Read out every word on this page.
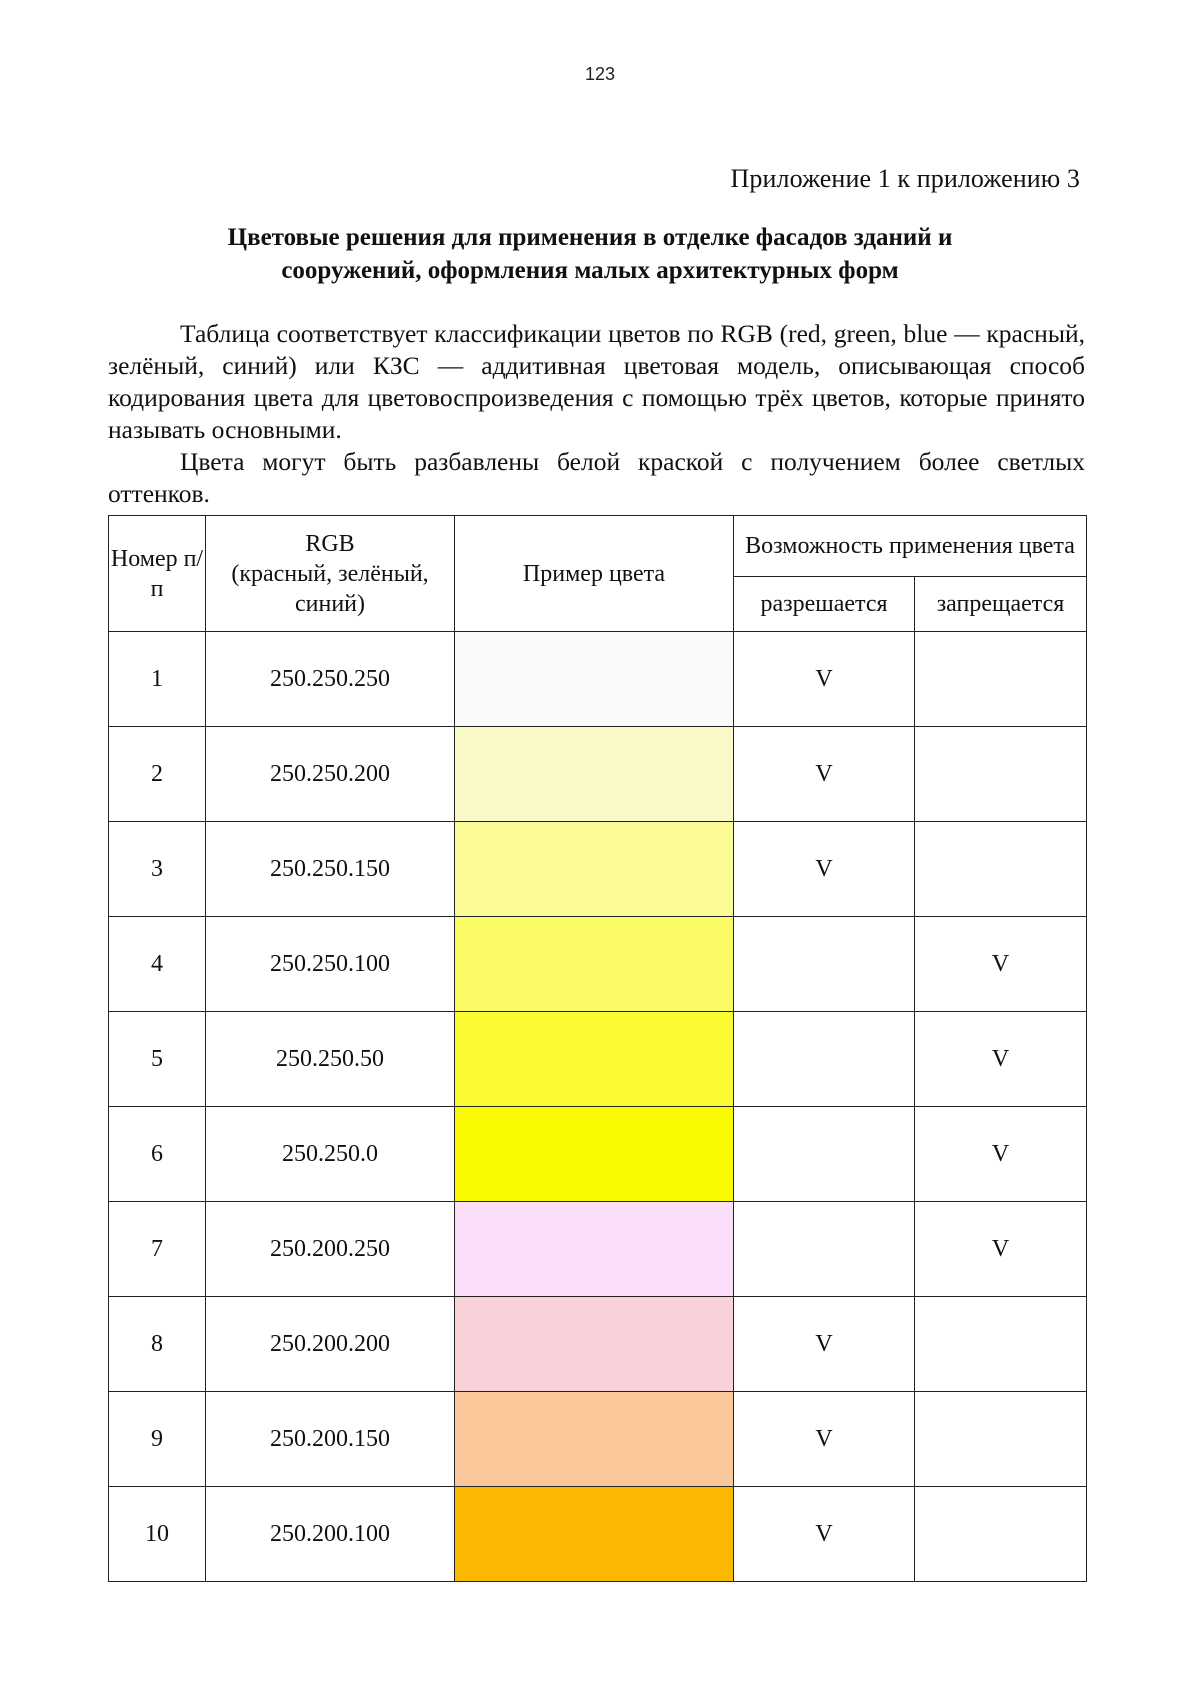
123
Приложение 1 к приложению 3
Цветовые решения для применения в отделке фасадов зданий и
сооружений, оформления малых архитектурных форм

Таблица соответствует классификации цветов по RGB (red, green, blue — красный, зелёный, синий) или КЗС — аддитивная цветовая модель, описывающая способ кодирования цвета для цветовоспроизведения с помощью трёх цветов, которые принято называть основными.

Цвета могут быть разбавлены белой краской с получением более светлых оттенков.

Номер п/п	RGB
(красный, зелёный,
синий)	Пример цвета	Возможность применения цвета	
			разрешается	запрещается
1	250.250.250		V	
2	250.250.200		V	
3	250.250.150		V	
4	250.250.100			V
5	250.250.50			V
6	250.250.0			V
7	250.200.250			V
8	250.200.200		V	
9	250.200.150		V	
10	250.200.100		V	
